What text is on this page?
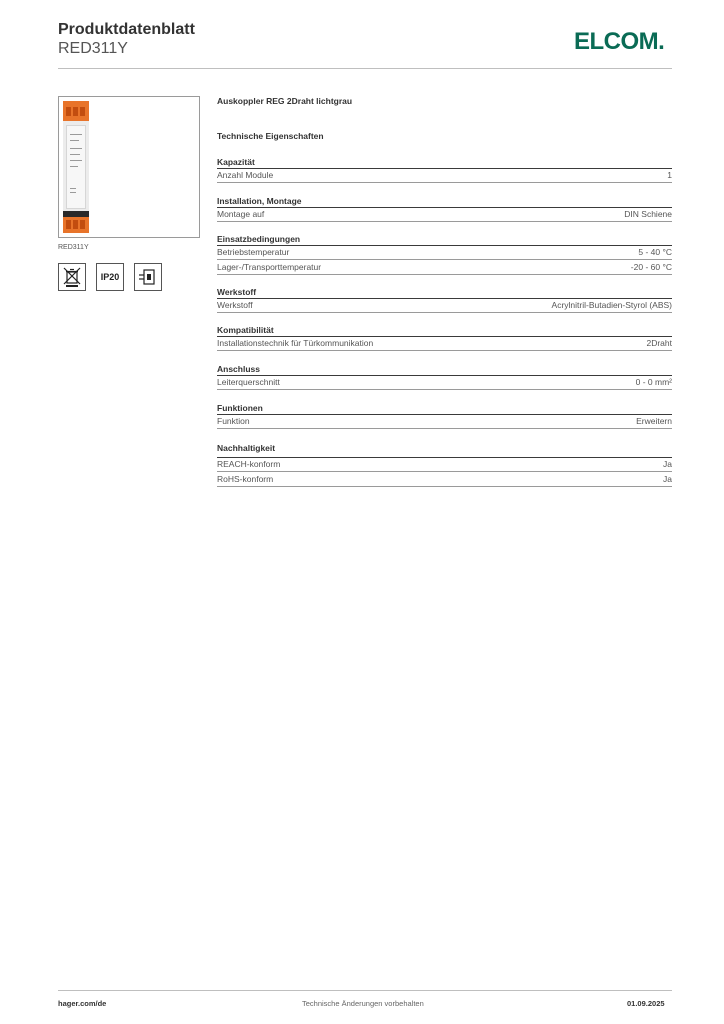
Produktdatenblatt
RED311Y	ELCOM.
RED311Y
IP20
Auskoppler REG 2Draht lichtgrau
Technische Eigenschaften
Kapazität
Anzahl Module	1
Installation, Montage
Montage auf	DIN Schiene
Einsatzbedingungen
Betriebstemperatur	5 - 40 °C
Lager-/Transporttemperatur	-20 - 60 °C
Werkstoff
Werkstoff	Acrylnitril-Butadien-Styrol (ABS)
Kompatibilität
Installationstechnik für Türkommunikation	2Draht
Anschluss
Leiterquerschnitt	0 - 0 mm²
Funktionen
Funktion	Erweitern
Nachhaltigkeit
REACH-konform	Ja
RoHS-konform	Ja
hager.com/de	Technische Änderungen vorbehalten	01.09.2025
